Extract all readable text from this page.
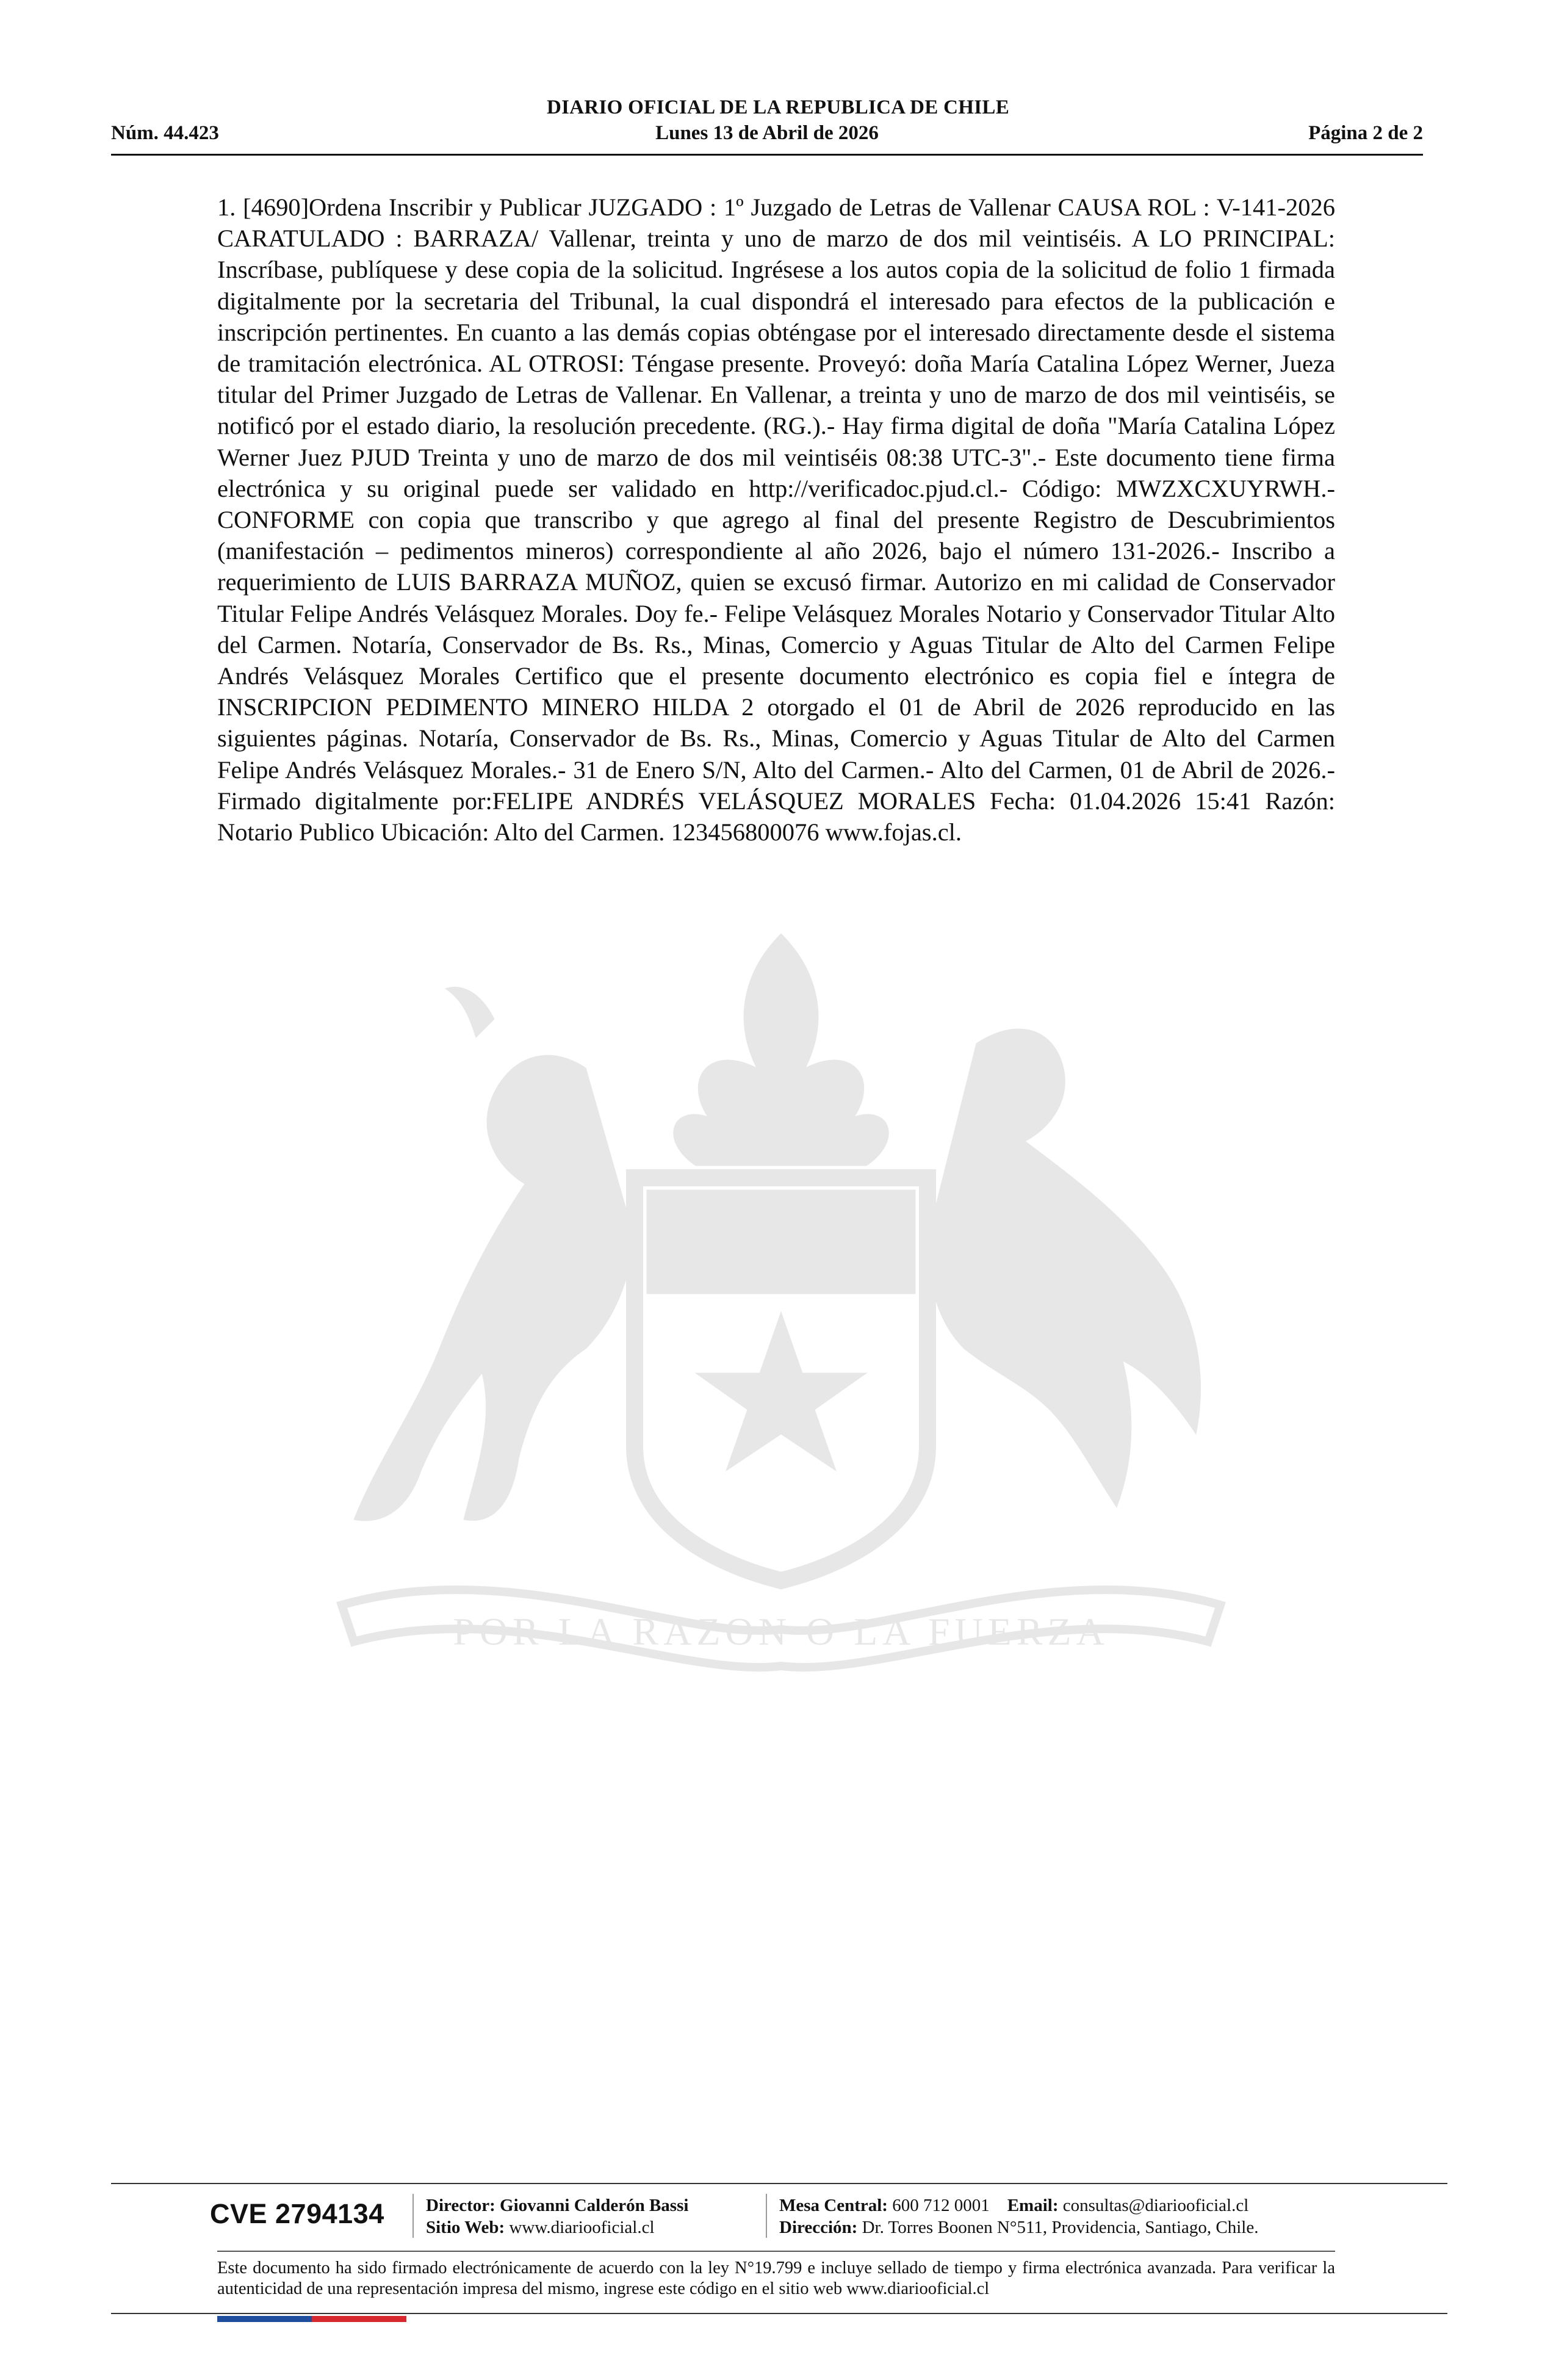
DIARIO OFICIAL DE LA REPUBLICA DE CHILE
Núm. 44.423	Lunes 13 de Abril de 2026	Página 2 de 2
POR LA RAZON O LA FUERZA
1. [4690]Ordena Inscribir y Publicar JUZGADO : 1º Juzgado de Letras de Vallenar CAUSA ROL : V-141-2026 CARATULADO : BARRAZA/ Vallenar, treinta y uno de marzo de dos mil veintiséis. A LO PRINCIPAL: Inscríbase, publíquese y dese copia de la solicitud. Ingrésese a los autos copia de la solicitud de folio 1 firmada digitalmente por la secretaria del Tribunal, la cual dispondrá el interesado para efectos de la publicación e inscripción pertinentes. En cuanto a las demás copias obténgase por el interesado directamente desde el sistema de tramitación electrónica. AL OTROSI: Téngase presente. Proveyó: doña María Catalina López Werner, Jueza titular del Primer Juzgado de Letras de Vallenar. En Vallenar, a treinta y uno de marzo de dos mil veintiséis, se notificó por el estado diario, la resolución precedente. (RG.).- Hay firma digital de doña "María Catalina López Werner Juez PJUD Treinta y uno de marzo de dos mil veintiséis 08:38 UTC-3".- Este documento tiene firma electrónica y su original puede ser validado en http://verificadoc.pjud.cl.- Código: MWZXCXUYRWH.- CONFORME con copia que transcribo y que agrego al final del presente Registro de Descubrimientos (manifestación – pedimentos mineros) correspondiente al año 2026, bajo el número 131-2026.- Inscribo a requerimiento de LUIS BARRAZA MUÑOZ, quien se excusó firmar. Autorizo en mi calidad de Conservador Titular Felipe Andrés Velásquez Morales. Doy fe.- Felipe Velásquez Morales Notario y Conservador Titular Alto del Carmen. Notaría, Conservador de Bs. Rs., Minas, Comercio y Aguas Titular de Alto del Carmen Felipe Andrés Velásquez Morales Certifico que el presente documento electrónico es copia fiel e íntegra de INSCRIPCION PEDIMENTO MINERO HILDA 2 otorgado el 01 de Abril de 2026 reproducido en las siguientes páginas. Notaría, Conservador de Bs. Rs., Minas, Comercio y Aguas Titular de Alto del Carmen Felipe Andrés Velásquez Morales.- 31 de Enero S/N, Alto del Carmen.- Alto del Carmen, 01 de Abril de 2026.- Firmado digitalmente por:FELIPE ANDRÉS VELÁSQUEZ MORALES Fecha: 01.04.2026 15:41 Razón: Notario Publico Ubicación: Alto del Carmen. 123456800076 www.fojas.cl.
CVE 2794134	Director: Giovanni Calderón Bassi
Sitio Web: www.diariooficial.cl
Mesa Central: 600 712 0001 Email: consultas@diariooficial.cl
Dirección: Dr. Torres Boonen N°511, Providencia, Santiago, Chile.
Este documento ha sido firmado electrónicamente de acuerdo con la ley N°19.799 e incluye sellado de tiempo y firma electrónica avanzada. Para verificar la autenticidad de una representación impresa del mismo, ingrese este código en el sitio web www.diariooficial.cl
